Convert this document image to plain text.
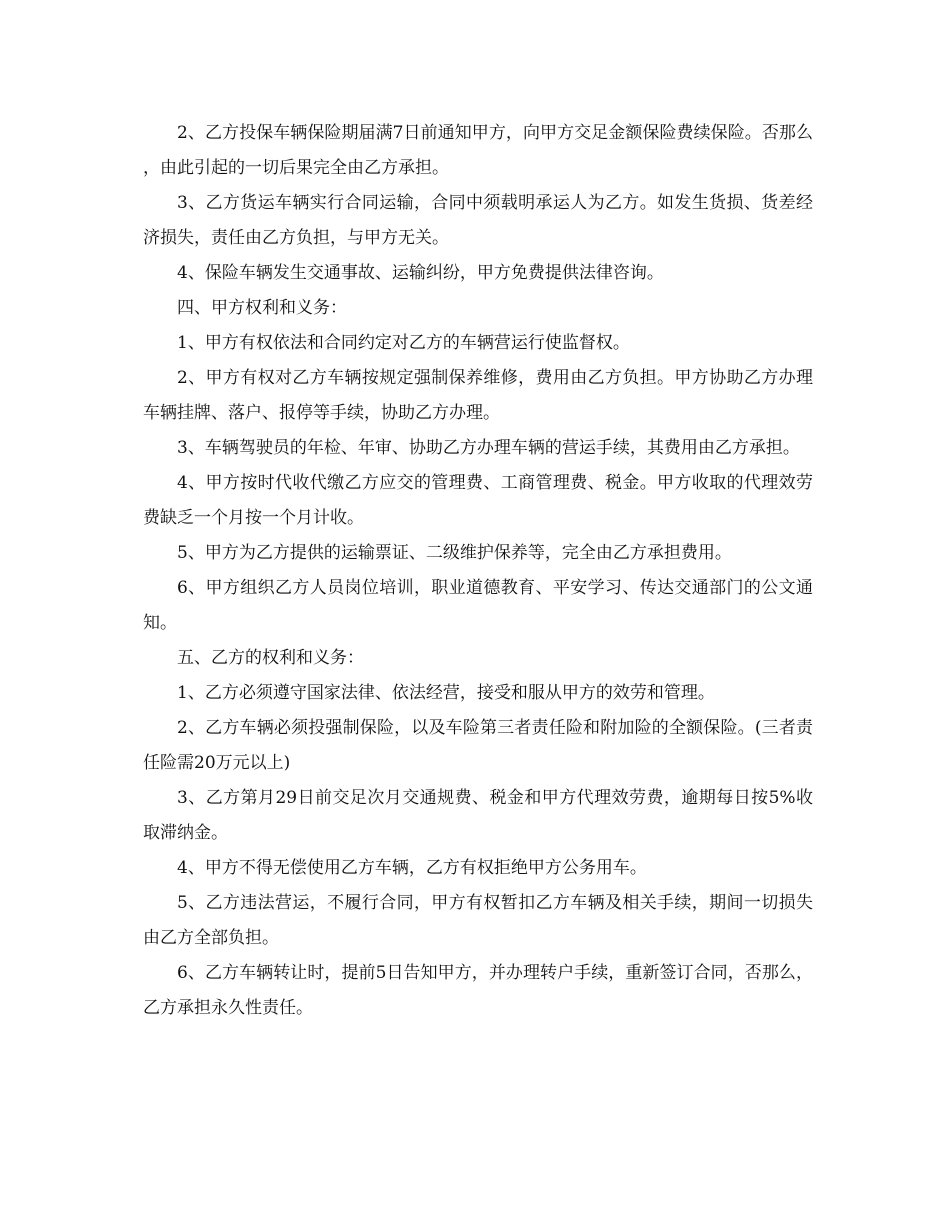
2、乙方投保车辆保险期届满7日前通知甲方，向甲方交足金额保险费续保险。否那么，由此引起的一切后果完全由乙方承担。

3、乙方货运车辆实行合同运输，合同中须载明承运人为乙方。如发生货损、货差经济损失，责任由乙方负担，与甲方无关。

4、保险车辆发生交通事故、运输纠纷，甲方免费提供法律咨询。

四、甲方权利和义务：

1、甲方有权依法和合同约定对乙方的车辆营运行使监督权。

2、甲方有权对乙方车辆按规定强制保养维修，费用由乙方负担。甲方协助乙方办理车辆挂牌、落户、报停等手续，协助乙方办理。

3、车辆驾驶员的年检、年审、协助乙方办理车辆的营运手续，其费用由乙方承担。

4、甲方按时代收代缴乙方应交的管理费、工商管理费、税金。甲方收取的代理效劳费缺乏一个月按一个月计收。

5、甲方为乙方提供的运输票证、二级维护保养等，完全由乙方承担费用。

6、甲方组织乙方人员岗位培训，职业道德教育、平安学习、传达交通部门的公文通知。

五、乙方的权利和义务：

1、乙方必须遵守国家法律、依法经营，接受和服从甲方的效劳和管理。

2、乙方车辆必须投强制保险，以及车险第三者责任险和附加险的全额保险。(三者责任险需20万元以上)

3、乙方第月29日前交足次月交通规费、税金和甲方代理效劳费，逾期每日按5%收取滞纳金。

4、甲方不得无偿使用乙方车辆，乙方有权拒绝甲方公务用车。

5、乙方违法营运，不履行合同，甲方有权暂扣乙方车辆及相关手续，期间一切损失由乙方全部负担。

6、乙方车辆转让时，提前5日告知甲方，并办理转户手续，重新签订合同，否那么，乙方承担永久性责任。
